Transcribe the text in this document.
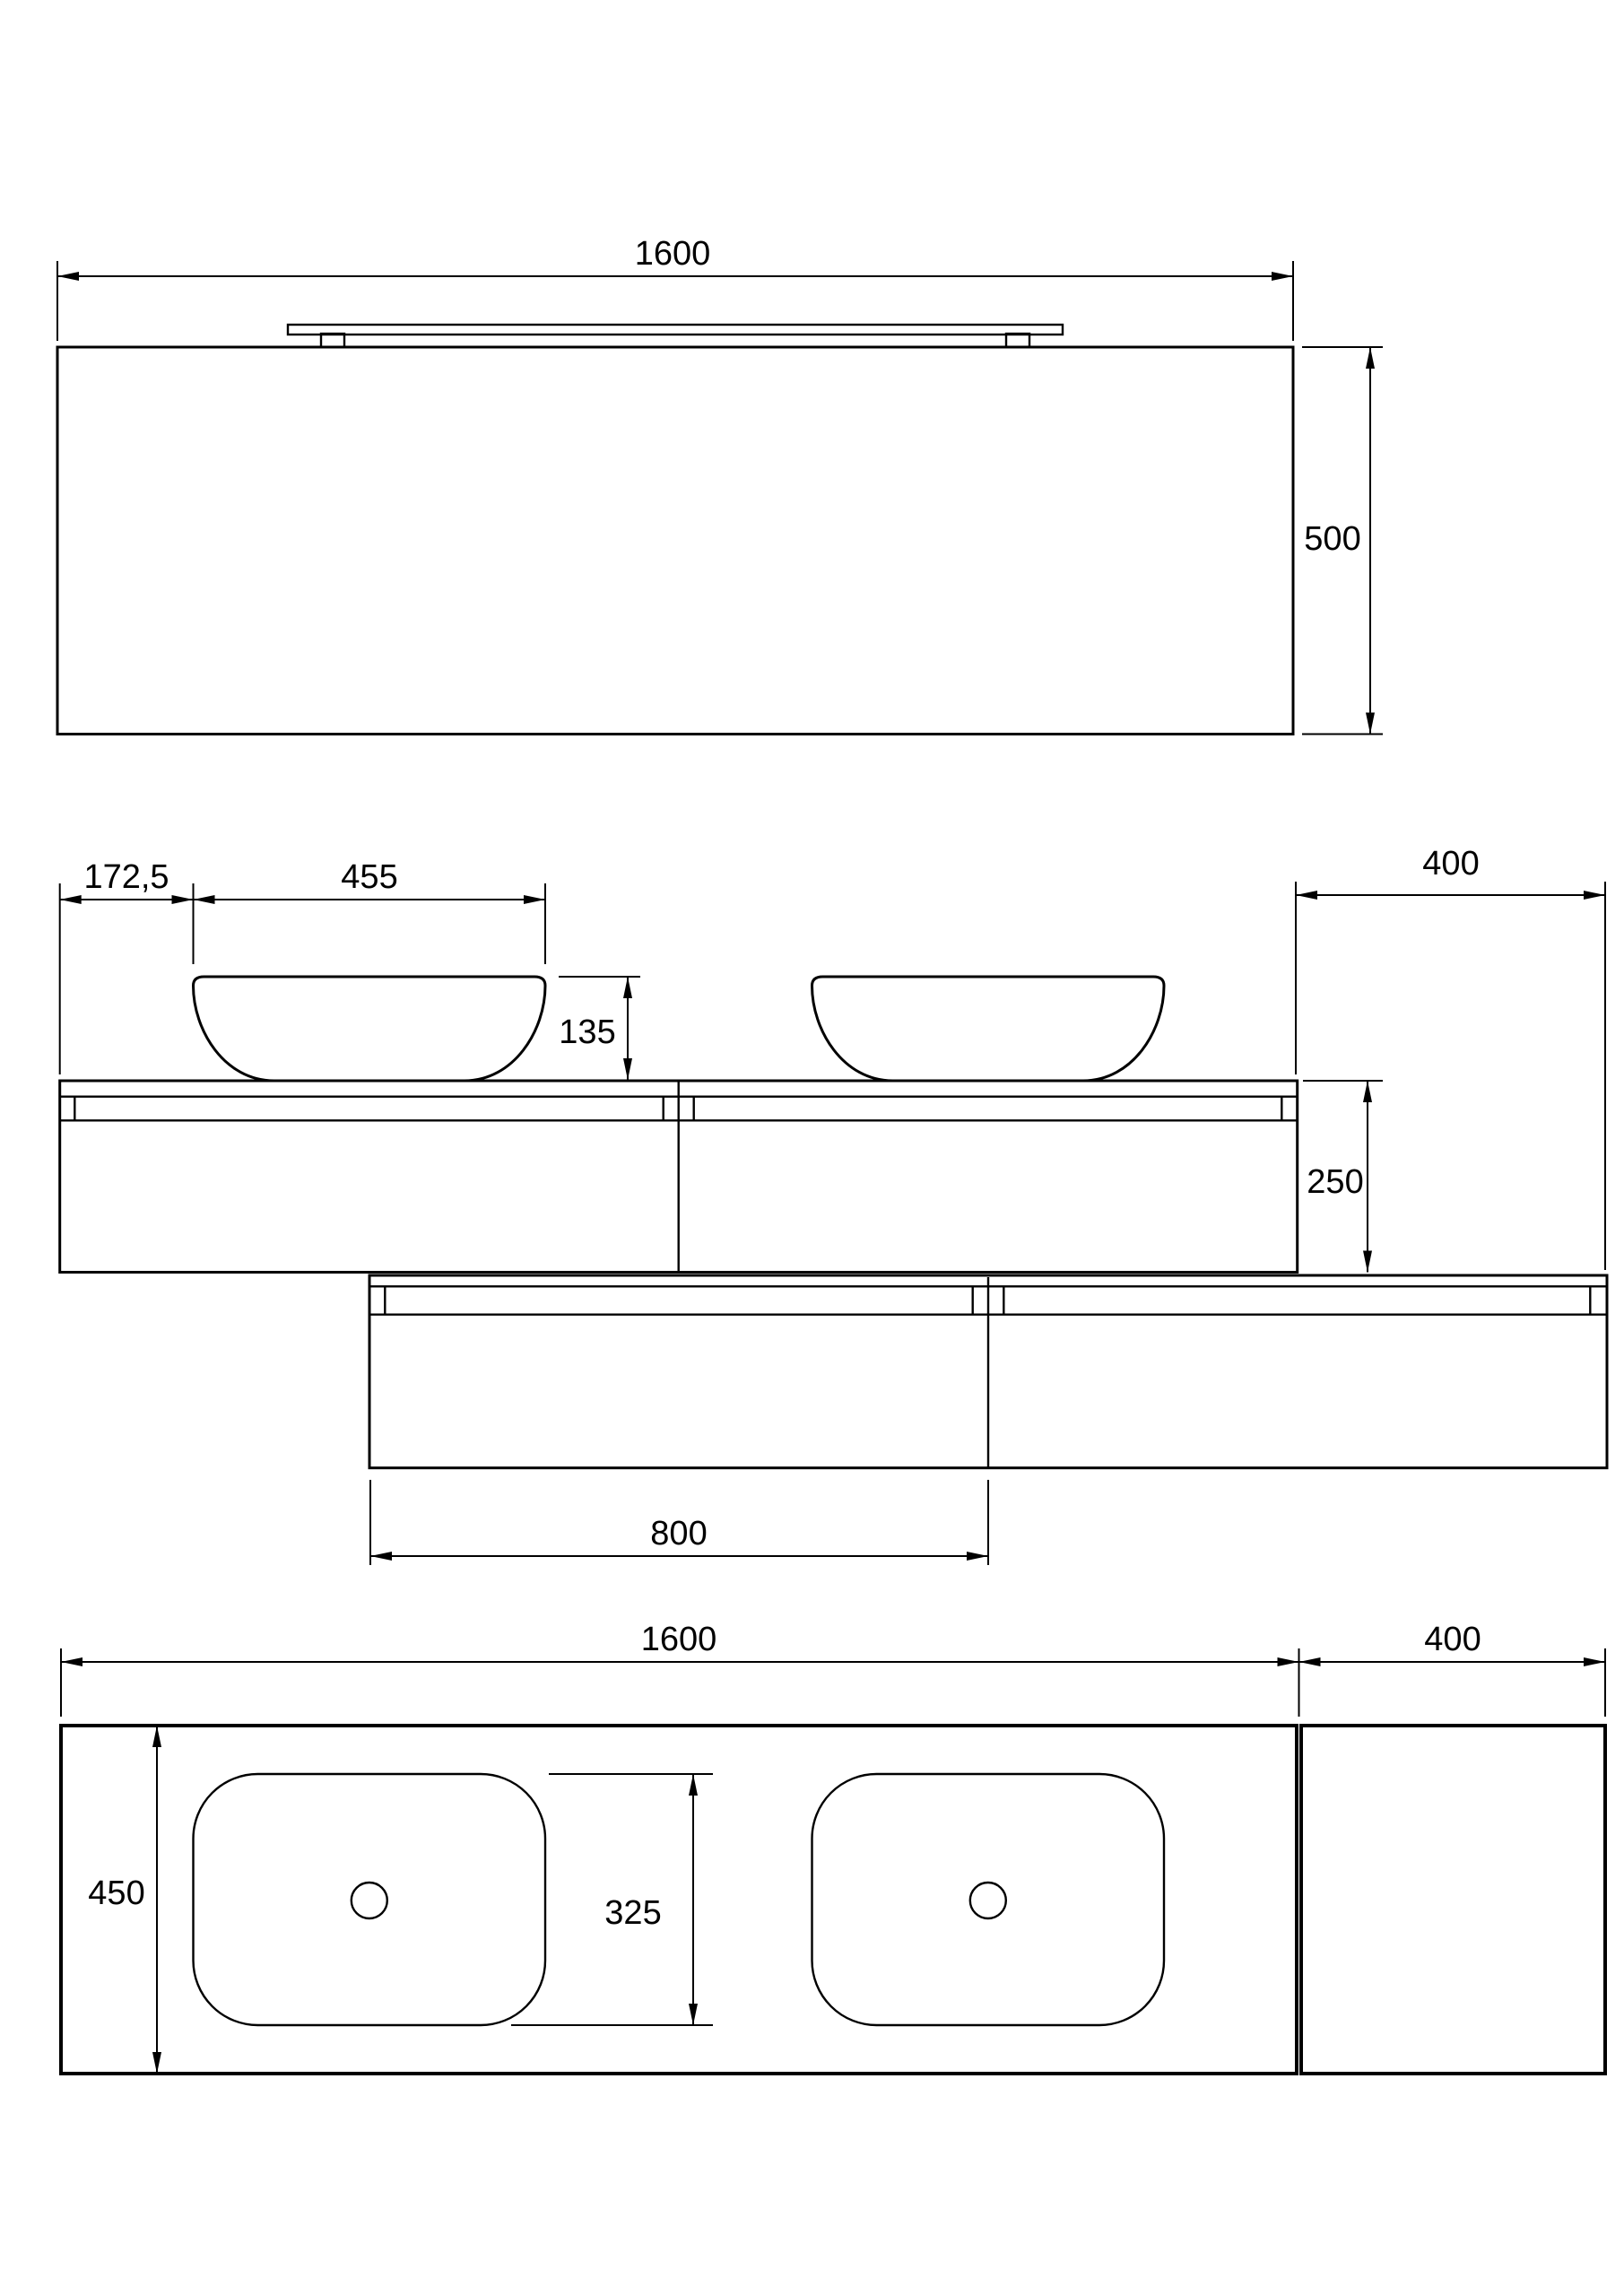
1600
500
172,5	455	400
135
250
800
1600	400
450
325
